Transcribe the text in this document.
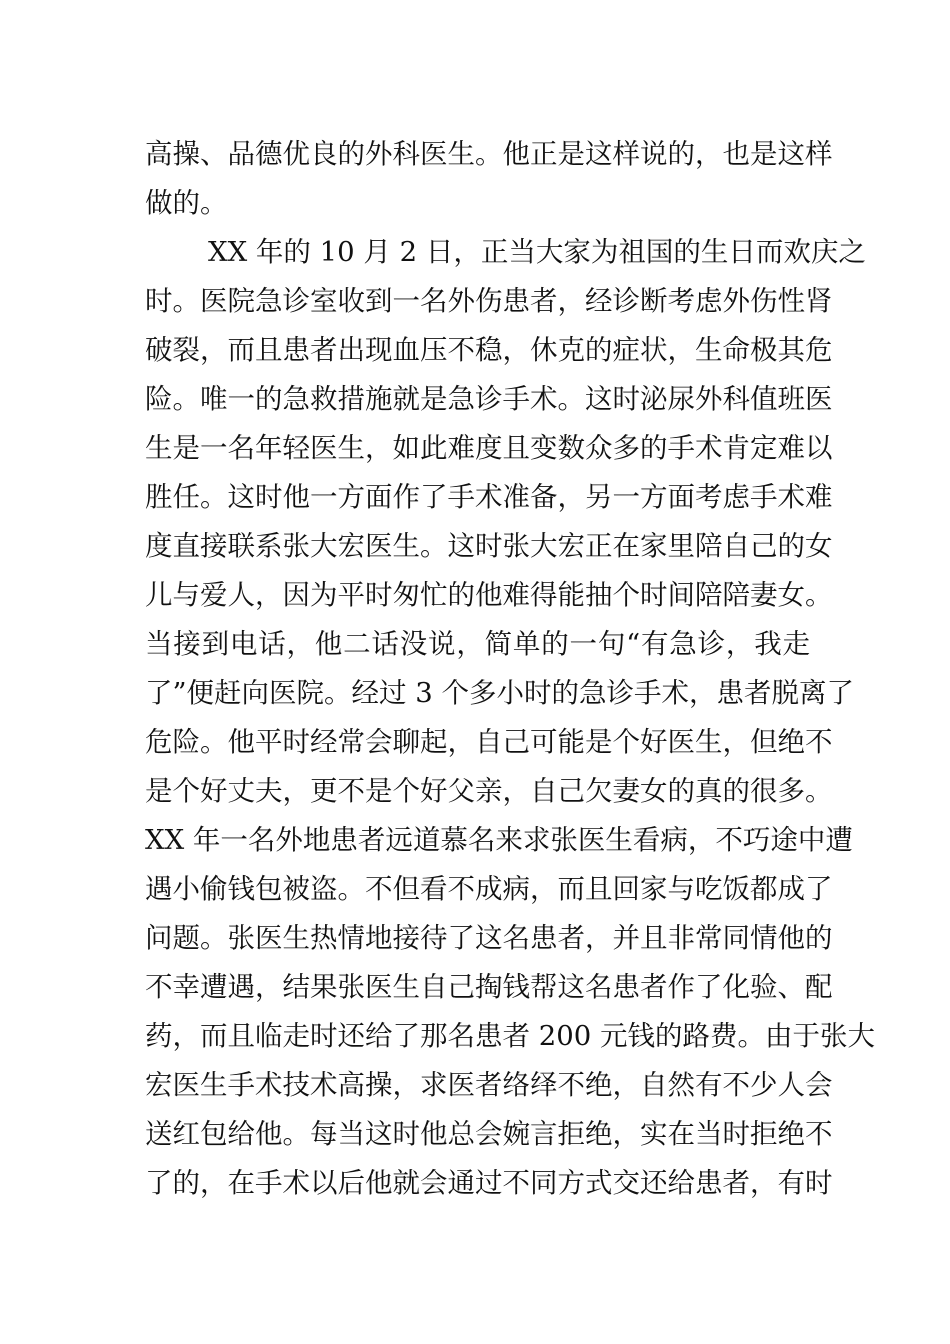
高操、品德优良的外科医生。他正是这样说的，也是这样
做的。
XX 年的 10 月 2 日，正当大家为祖国的生日而欢庆之
时。医院急诊室收到一名外伤患者，经诊断考虑外伤性肾
破裂，而且患者出现血压不稳，休克的症状，生命极其危
险。唯一的急救措施就是急诊手术。这时泌尿外科值班医
生是一名年轻医生，如此难度且变数众多的手术肯定难以
胜任。这时他一方面作了手术准备，另一方面考虑手术难
度直接联系张大宏医生。这时张大宏正在家里陪自己的女
儿与爱人，因为平时匆忙的他难得能抽个时间陪陪妻女。
当接到电话，他二话没说，简单的一句“有急诊，我走
了”便赶向医院。经过 3 个多小时的急诊手术，患者脱离了
危险。他平时经常会聊起，自己可能是个好医生，但绝不
是个好丈夫，更不是个好父亲，自己欠妻女的真的很多。
XX 年一名外地患者远道慕名来求张医生看病，不巧途中遭
遇小偷钱包被盗。不但看不成病，而且回家与吃饭都成了
问题。张医生热情地接待了这名患者，并且非常同情他的
不幸遭遇，结果张医生自己掏钱帮这名患者作了化验、配
药，而且临走时还给了那名患者 200 元钱的路费。由于张大
宏医生手术技术高操，求医者络绎不绝，自然有不少人会
送红包给他。每当这时他总会婉言拒绝，实在当时拒绝不
了的，在手术以后他就会通过不同方式交还给患者，有时
